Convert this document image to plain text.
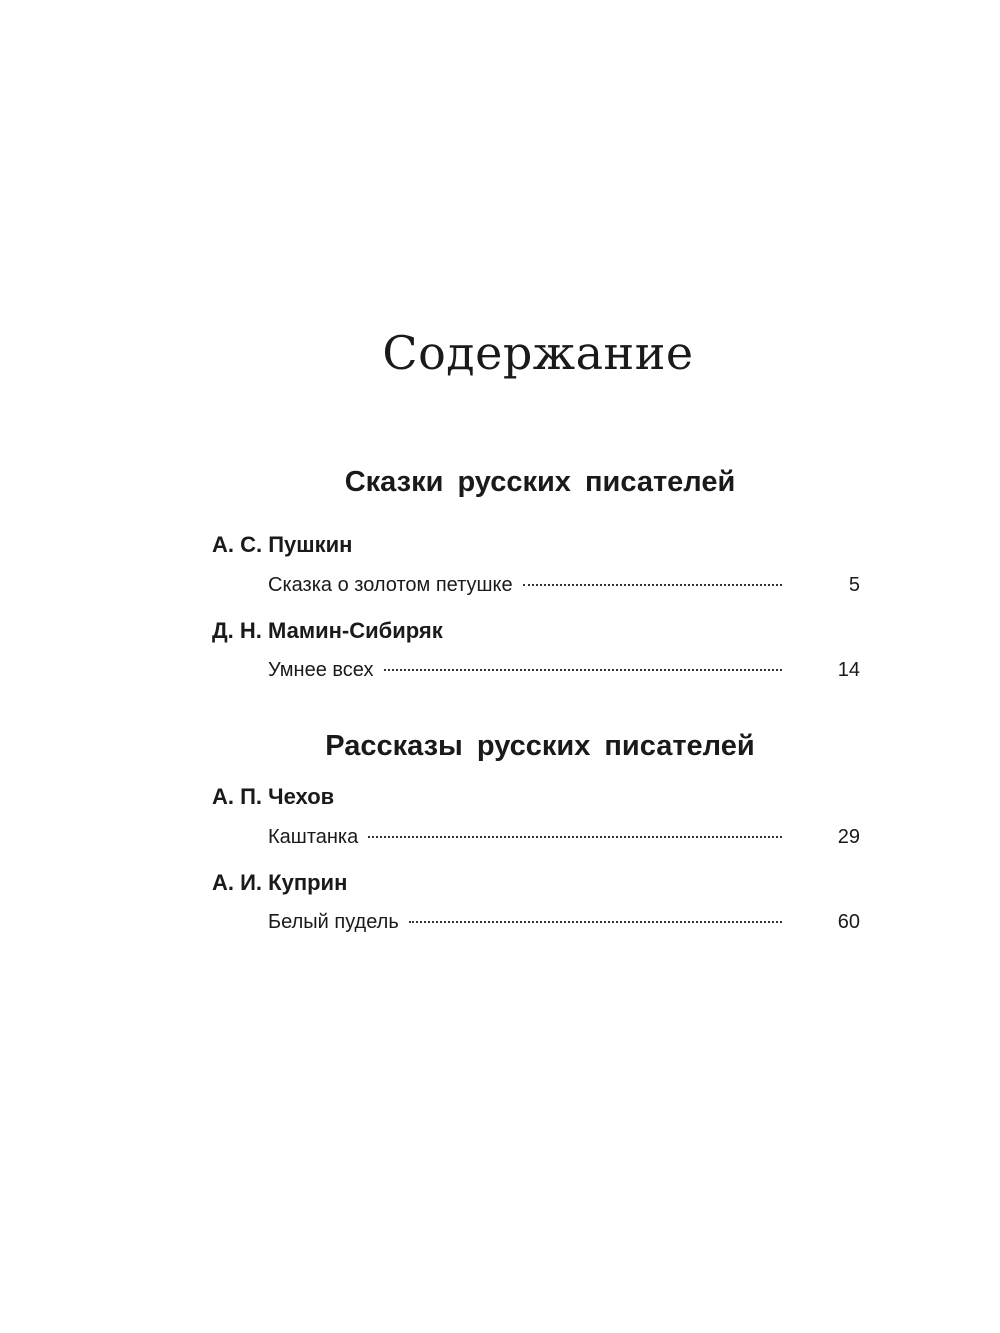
Содержание
Сказки русских писателей
А. С. Пушкин
Сказка о золотом петушке	5
Д. Н. Мамин-Сибиряк
Умнее всех	14
Рассказы русских писателей
А. П. Чехов
Каштанка	29
А. И. Куприн
Белый пудель	60
